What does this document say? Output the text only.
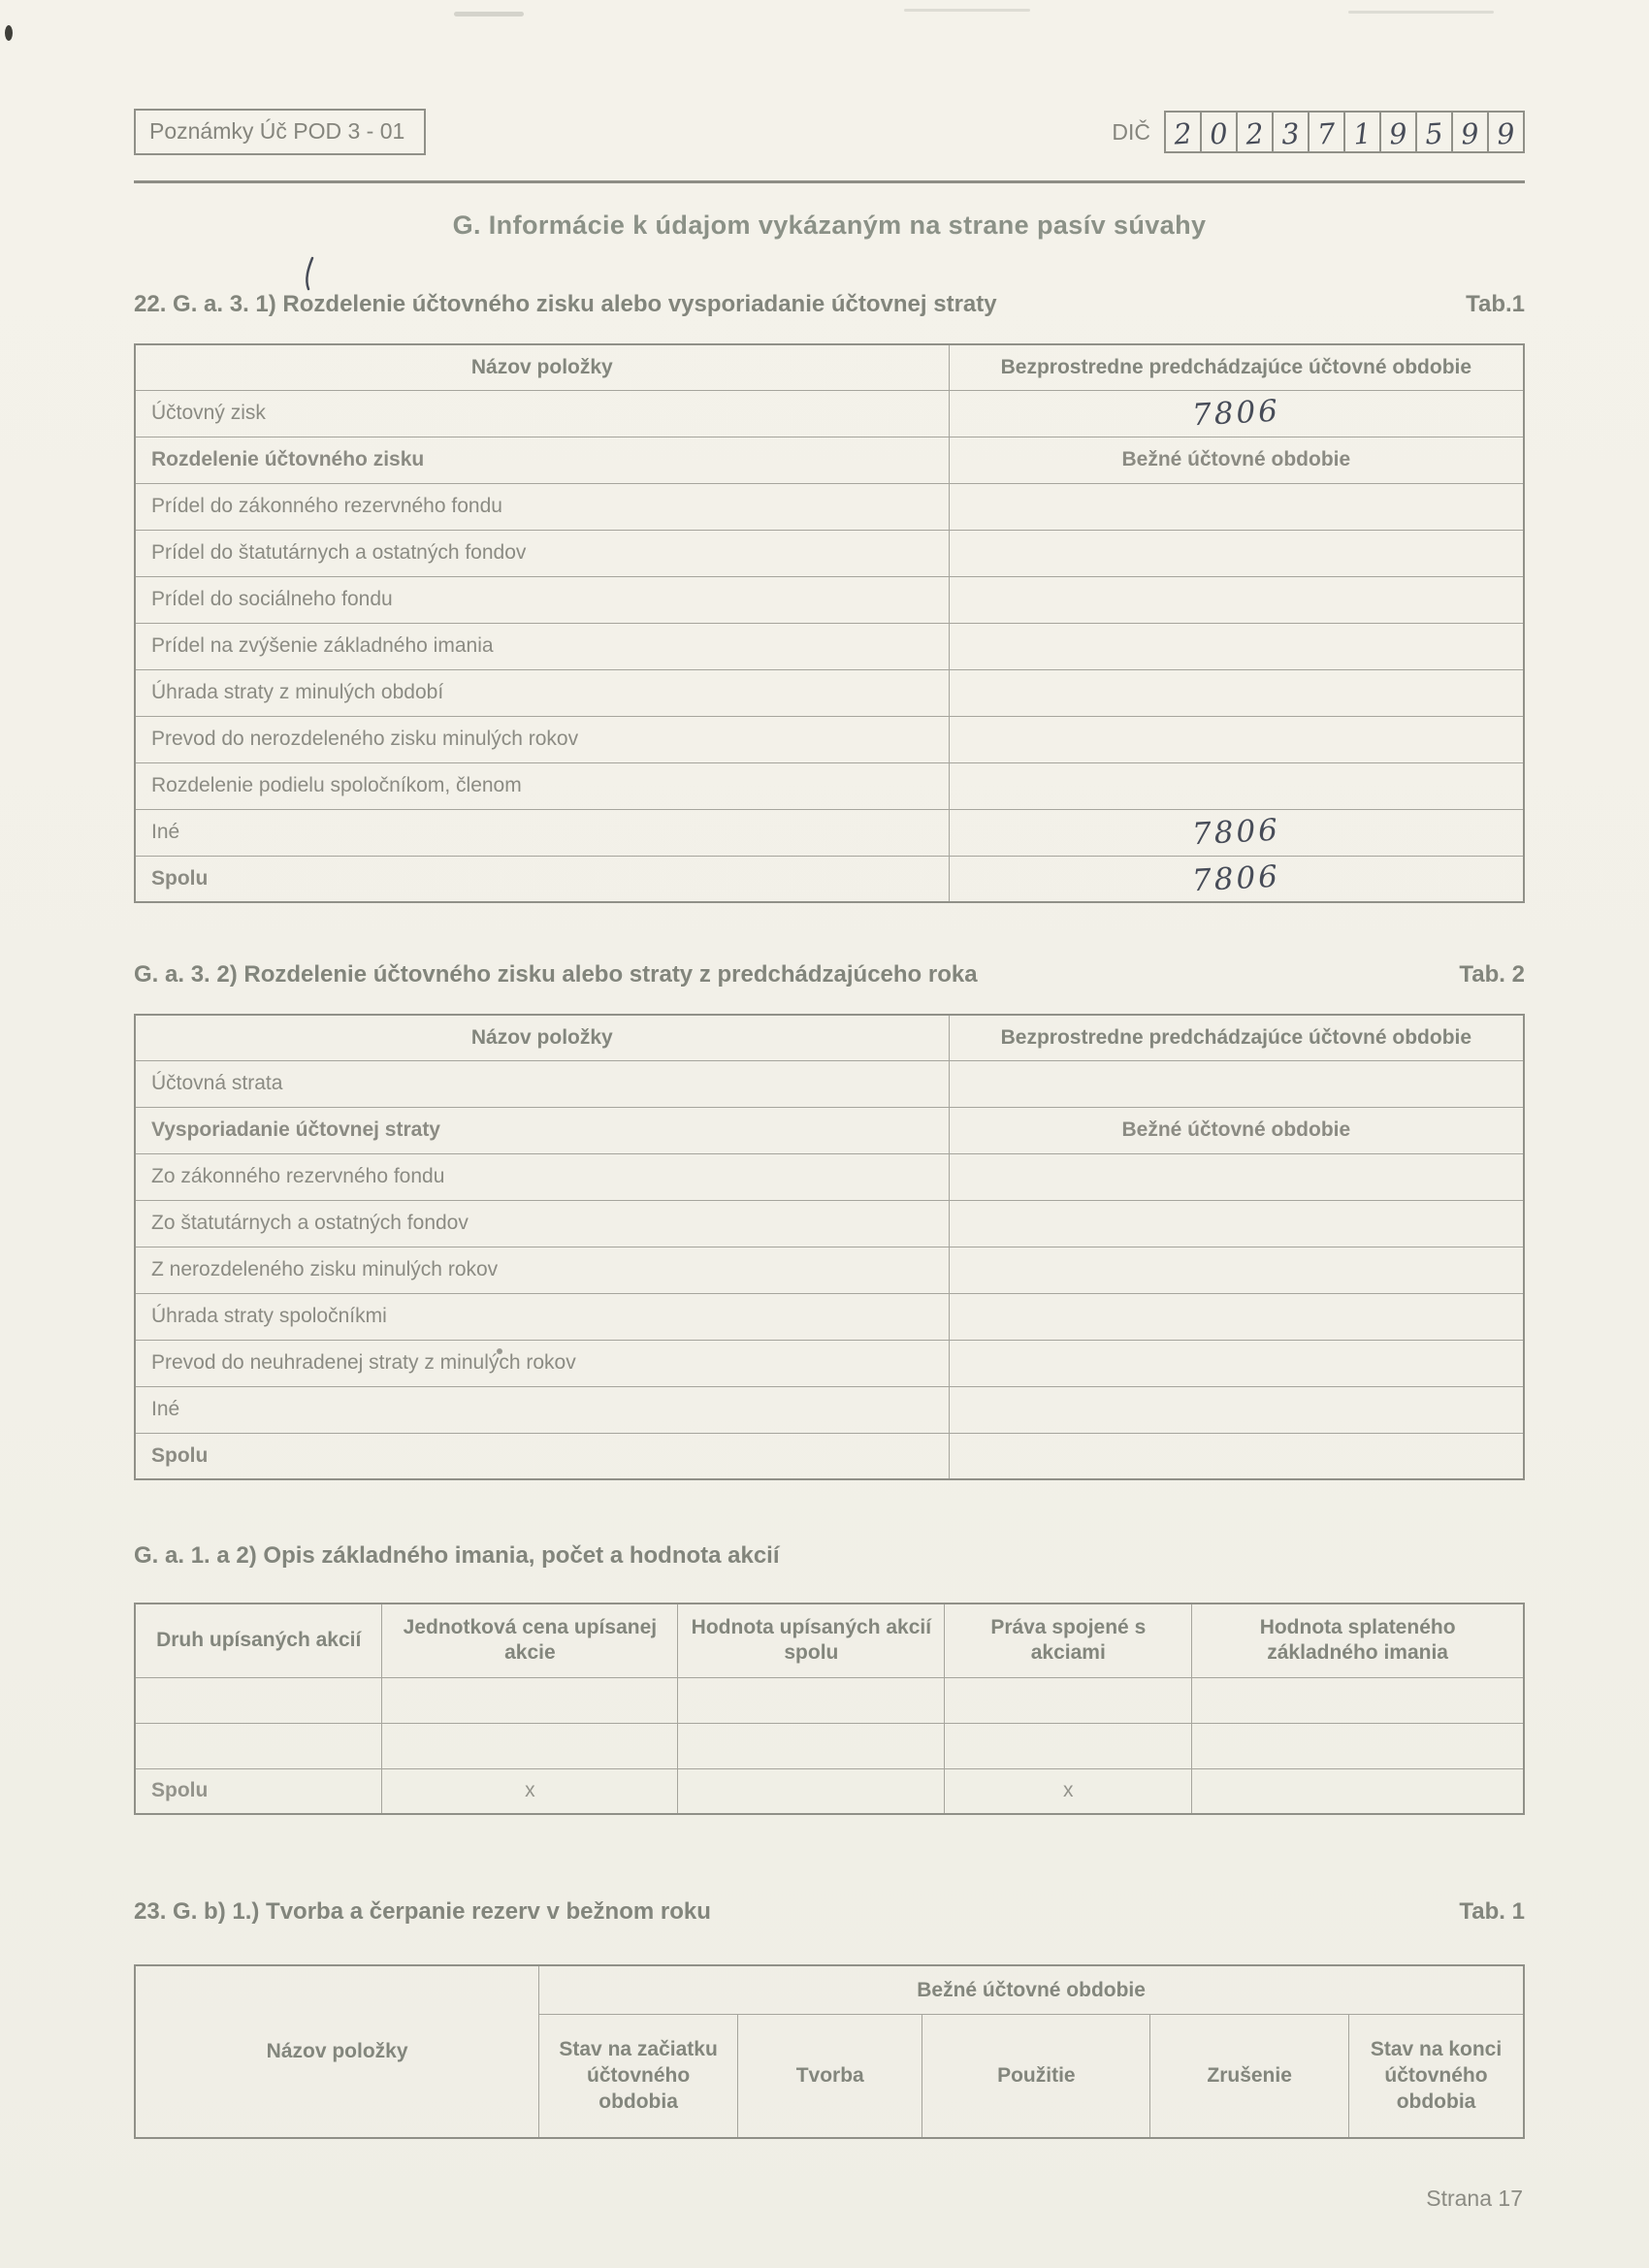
Poznámky Úč POD 3 - 01	DIČ 2 0 2 3 7 1 9 5 9 9
G. Informácie k údajom vykázaným na strane pasív súvahy
22. G. a. 3. 1) Rozdelenie účtovného zisku alebo vysporiadanie účtovnej straty	Tab.1
Názov položky	Bezprostredne predchádzajúce účtovné obdobie
Účtovný zisk	7806
Rozdelenie účtovného zisku	Bežné účtovné obdobie
Prídel do zákonného rezervného fondu	
Prídel do štatutárnych a ostatných fondov	
Prídel do sociálneho fondu	
Prídel na zvýšenie základného imania	
Úhrada straty z minulých období	
Prevod do nerozdeleného zisku minulých rokov	
Rozdelenie podielu spoločníkom, členom	
Iné	7806
Spolu	7806
G. a. 3. 2) Rozdelenie účtovného zisku alebo straty z predchádzajúceho roka	Tab. 2
Názov položky	Bezprostredne predchádzajúce účtovné obdobie
Účtovná strata	
Vysporiadanie účtovnej straty	Bežné účtovné obdobie
Zo zákonného rezervného fondu	
Zo štatutárnych a ostatných fondov	
Z nerozdeleného zisku minulých rokov	
Úhrada straty spoločníkmi	
Prevod do neuhradenej straty z minulých rokov	
Iné	
Spolu	
G. a. 1. a 2) Opis základného imania, počet a hodnota akcií
Druh upísaných akcií	Jednotková cena upísanej akcie	Hodnota upísaných akcií spolu	Práva spojené s akciami	Hodnota splateného základného imania

Spolu	x		x	
23. G. b) 1.) Tvorba a čerpanie rezerv v bežnom roku	Tab. 1
Názov položky	Bežné účtovné obdobie				
	Stav na začiatku účtovného obdobia	Tvorba	Použitie	Zrušenie	Stav na konci účtovného obdobia
Strana 17
